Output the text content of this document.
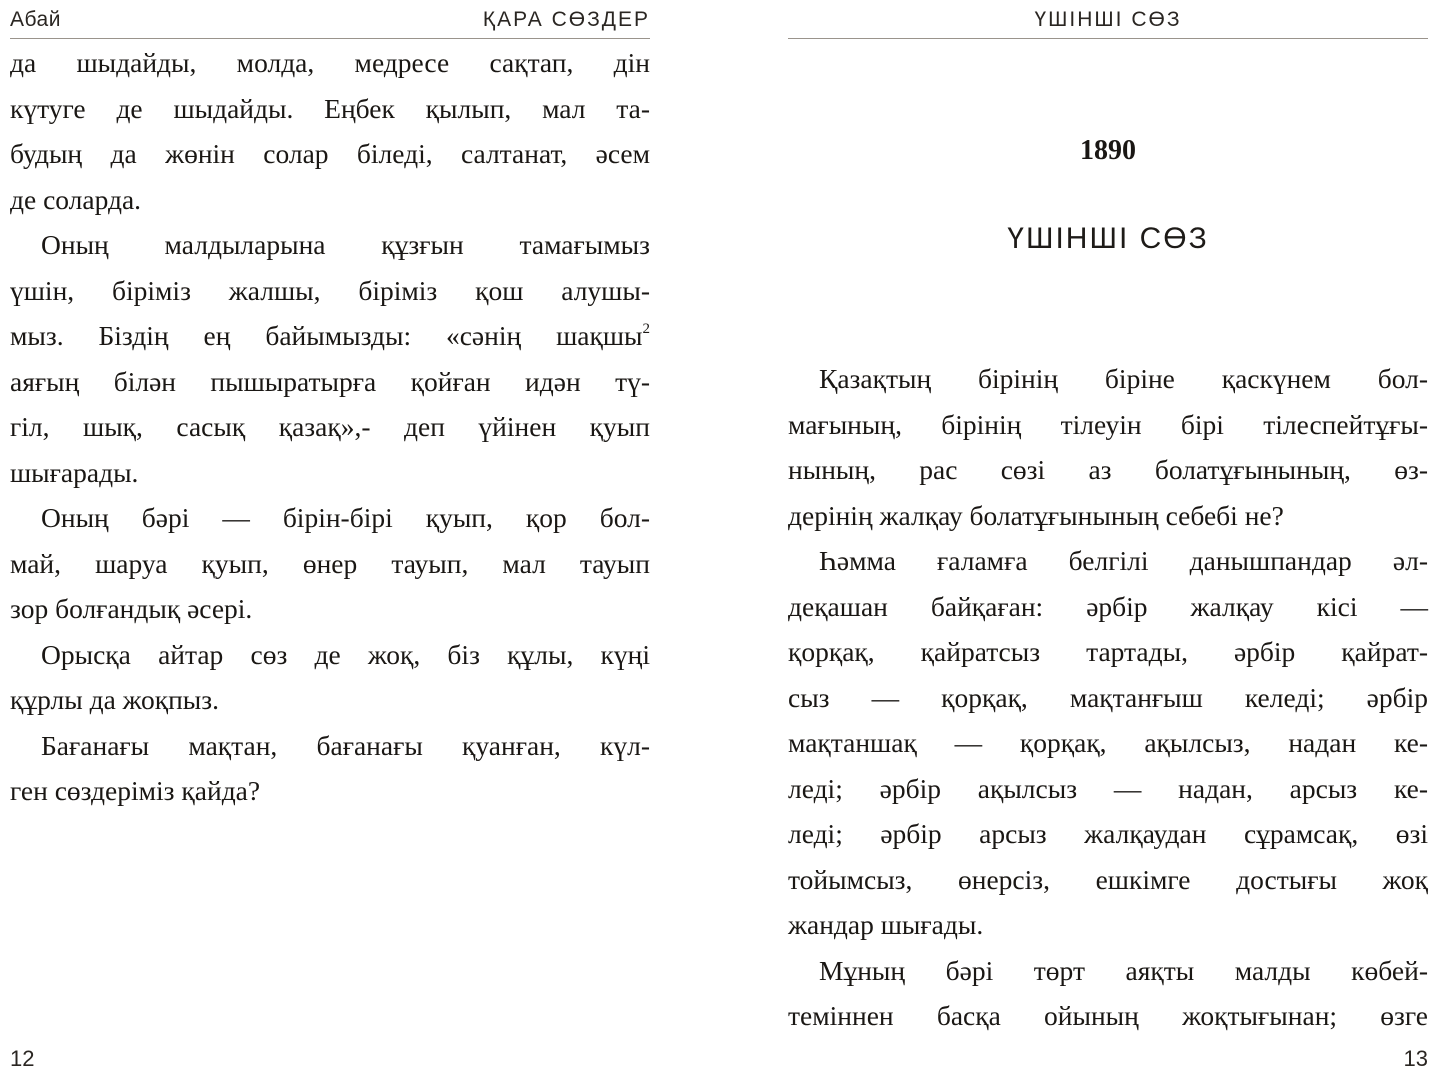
Абай	ҚАРА СӨЗДЕР
да шыдайды, молда, медресе сақтап, дін
күтуге де шыдайды. Еңбек қылып, мал та-
будың да жөнін солар біледі, салтанат, әсем
де соларда.
Оның малдыларына құзғын тамағымыз
үшін, біріміз жалшы, біріміз қош алушы-
мыз. Біздің ең байымызды: «сәнің шақшы$^2$
аяғың білән пышыратырға қойған идән тү-
гіл, шық, сасық қазақ»,- деп үйінен қуып
шығарады.
Оның бәрі — бірін-бірі қуып, қор бол-
май, шаруа қуып, өнер тауып, мал тауып
зор болғандық әсері.
Орысқа айтар сөз де жоқ, біз құлы, күңі
құрлы да жоқпыз.
Бағанағы мақтан, бағанағы қуанған, күл-
ген сөздеріміз қайда?
12
ҮШІНШІ СӨЗ
1890
ҮШІНШІ СӨЗ
Қазақтың бірінің біріне қаскүнем бол-
мағының, бірінің тілеуін бірі тілеспейтұғы-
нының, рас сөзі аз болатұғынының, өз-
дерінің жалқау болатұғынының себебі не?
Һәмма ғаламға белгілі данышпандар әл-
деқашан байқаған: әрбір жалқау кісі —
қорқақ, қайратсыз тартады, әрбір қайрат-
сыз — қорқақ, мақтанғыш келеді; әрбір
мақтаншақ — қорқақ, ақылсыз, надан ке-
леді; әрбір ақылсыз — надан, арсыз ке-
леді; әрбір арсыз жалқаудан сұрамсақ, өзі
тойымсыз, өнерсіз, ешкімге достығы жоқ
жандар шығады.
Мұның бәрі төрт аяқты малды көбей-
теміннен басқа ойының жоқтығынан; өзге
13
